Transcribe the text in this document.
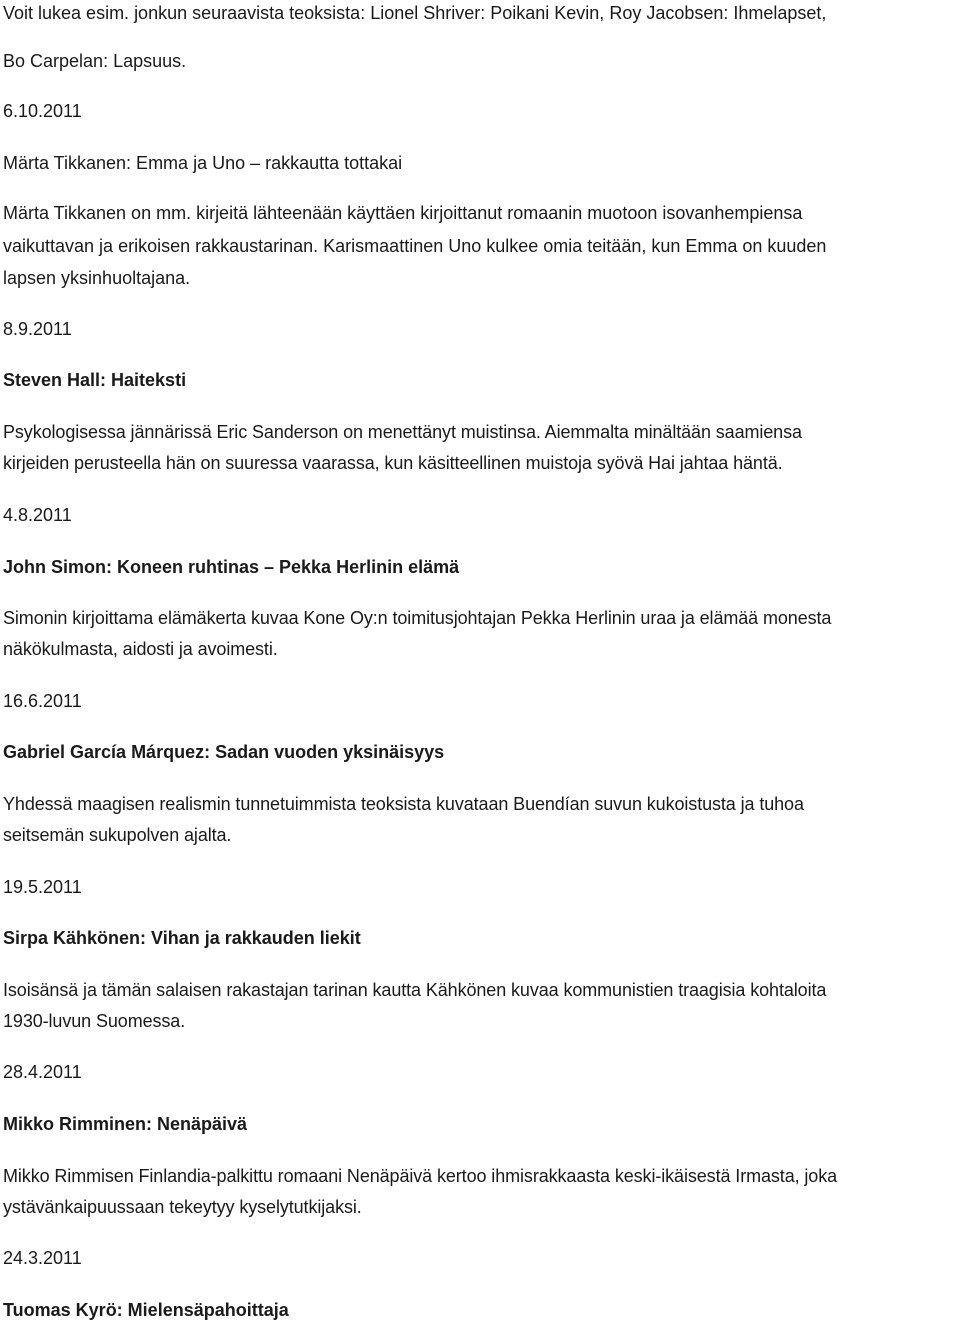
Voit lukea esim. jonkun seuraavista teoksista: Lionel Shriver: Poikani Kevin, Roy Jacobsen: Ihmelapset,
Bo Carpelan: Lapsuus.
6.10.2011
Märta Tikkanen: Emma ja Uno – rakkautta tottakai
Märta Tikkanen on mm. kirjeitä lähteenään käyttäen kirjoittanut romaanin muotoon isovanhempiensa
vaikuttavan ja erikoisen rakkaustarinan. Karismaattinen Uno kulkee omia teitään, kun Emma on kuuden
lapsen yksinhuoltajana.
8.9.2011
Steven Hall: Haiteksti
Psykologisessa jännärissä Eric Sanderson on menettänyt muistinsa. Aiemmalta minältään saamiensa
kirjeiden perusteella hän on suuressa vaarassa, kun käsitteellinen muistoja syövä Hai jahtaa häntä.
4.8.2011
John Simon: Koneen ruhtinas – Pekka Herlinin elämä
Simonin kirjoittama elämäkerta kuvaa Kone Oy:n toimitusjohtajan Pekka Herlinin uraa ja elämää monesta
näkökulmasta, aidosti ja avoimesti.
16.6.2011
Gabriel García Márquez: Sadan vuoden yksinäisyys
Yhdessä maagisen realismin tunnetuimmista teoksista kuvataan Buendían suvun kukoistusta ja tuhoa
seitsemän sukupolven ajalta.
19.5.2011
Sirpa Kähkönen: Vihan ja rakkauden liekit
Isoisänsä ja tämän salaisen rakastajan tarinan kautta Kähkönen kuvaa kommunistien traagisia kohtaloita
1930-luvun Suomessa.
28.4.2011
Mikko Rimminen: Nenäpäivä
Mikko Rimmisen Finlandia-palkittu romaani Nenäpäivä kertoo ihmisrakkaasta keski-ikäisestä Irmasta, joka
ystävänkaipuussaan tekeytyy kyselytutkijaksi.
24.3.2011
Tuomas Kyrö: Mielensäpahoittaja
